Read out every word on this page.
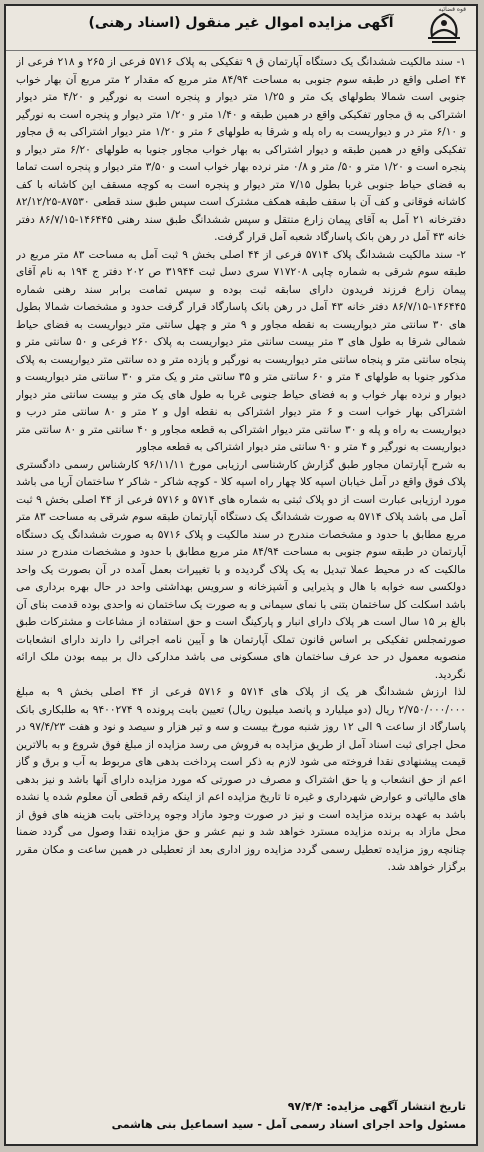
قوه قضائیه
آگهی مزایده اموال غیر منقول (اسناد رهنی)

۱- سند مالکیت ششدانگ یک دستگاه آپارتمان ق ۹ تفکیکی به پلاک ۵۷۱۶ فرعی از ۲۶۵ و ۲۱۸ فرعی از ۴۴ اصلی واقع در طبقه سوم جنوبی به مساحت ۸۴/۹۴ متر مربع که مقدار ۲ متر مربع آن بهار خواب جنوبی است شمالا بطولهای یک متر و ۱/۲۵ متر دیوار و پنجره است به نورگیر و ۴/۲۰ متر دیوار اشتراکی به ق مجاور تفکیکی واقع در همین طبقه و ۱/۴۰ متر و ۱/۲۰ متر دیوار و پنجره است به نورگیر و ۶/۱۰ متر در و دیواریست به راه پله و شرقا به طولهای ۶ متر و ۱/۲۰ متر دیوار اشتراکی به ق مجاور تفکیکی واقع در همین طبقه و دیوار اشتراکی به بهار خواب مجاور جنوبا به طولهای ۶/۲۰ متر دیوار و پنجره است و ۱/۲۰ متر و ۵۰/ متر و ۰/۸ متر نرده بهار خواب است و ۳/۵۰ متر دیوار و پنجره است تماما به فضای حیاط جنوبی غربا بطول ۷/۱۵ متر دیوار و پنجره است به کوچه مسقف این کاشانه با کف کاشانه فوقانی و کف آن با سقف طبقه همکف مشترک است سپس طبق سند قطعی ۸۷۵۳۰-۸۲/۱۲/۲۵ دفترخانه ۲۱ آمل به آقای پیمان زارع منتقل و سپس ششدانگ طبق سند رهنی ۱۴۶۴۴۵-۸۶/۷/۱۵ دفتر خانه ۴۳ آمل در رهن بانک پاسارگاد شعبه آمل قرار گرفت.

۲- سند مالکیت ششدانگ پلاک ۵۷۱۴ فرعی از ۴۴ اصلی بخش ۹ ثبت آمل به مساحت ۸۳ متر مربع در طبقه سوم شرقی به شماره چاپی ۷۱۷۲۰۸ سری دسل ثبت ۳۱۹۴۴ ص ۲۰۲ دفتر ج ۱۹۴ به نام آقای پیمان زارع فرزند فریدون دارای سابقه ثبت بوده و سپس تمامت برابر سند رهنی شماره ۱۴۶۴۴۵-۸۶/۷/۱۵ دفتر خانه ۴۳ آمل در رهن بانک پاسارگاد قرار گرفت حدود و مشخصات شمالا بطول های ۳۰ سانتی متر دیواریست به نقطه مجاور و ۹ متر و چهل سانتی متر دیواریست به فضای حیاط شمالی شرقا به طول های ۳ متر بیست سانتی متر دیواریست به پلاک ۲۶۰ فرعی و ۵۰ سانتی متر و پنجاه سانتی متر و پنجاه سانتی متر دیواریست به نورگیر و یازده متر و ده سانتی متر دیواریست به پلاک مذکور جنوبا به طولهای ۴ متر و ۶۰ سانتی متر و ۳۵ سانتی متر و یک متر و ۳۰ سانتی متر دیواریست و دیوار و نرده بهار خواب و به فضای حیاط جنوبی غربا به طول های یک متر و بیست سانتی متر دیوار اشتراکی بهار خواب است و ۶ متر دیوار اشتراکی به نقطه اول و ۲ متر و ۸۰ سانتی متر درب و دیواریست به راه و پله و ۳۰ سانتی متر دیوار اشتراکی به قطعه مجاور و ۴۰ سانتی متر و ۸۰ سانتی متر دیواریست به نورگیر و ۴ متر و ۹۰ سانتی متر دیوار اشتراکی به قطعه مجاور

به شرح آپارتمان مجاور طبق گزارش کارشناسی ارزیابی مورخ ۹۶/۱۱/۱۱ کارشناس رسمی دادگستری پلاک فوق واقع در آمل خیابان اسپه کلا چهار راه اسپه کلا - کوچه شاکر - شاکر ۲ ساختمان آریا می باشد مورد ارزیابی عبارت است از دو پلاک ثبتی به شماره های ۵۷۱۴ و ۵۷۱۶ فرعی از ۴۴ اصلی بخش ۹ ثبت آمل می باشد پلاک ۵۷۱۴ به صورت ششدانگ یک دستگاه آپارتمان طبقه سوم شرقی به مساحت ۸۳ متر مربع مطابق با حدود و مشخصات مندرج در سند مالکیت و پلاک ۵۷۱۶ به صورت ششدانگ یک دستگاه آپارتمان در طبقه سوم جنوبی به مساحت ۸۴/۹۴ متر مربع مطابق با حدود و مشخصات مندرج در سند مالکیت که در محیط عملا تبدیل به یک پلاک گردیده و با تغییرات بعمل آمده در آن بصورت یک واحد دولکسی سه خوابه با هال و پذیرایی و آشپزخانه و سرویس بهداشتی واحد در حال بهره برداری می باشد اسکلت کل ساختمان بتنی با نمای سیمانی و به صورت یک ساختمان نه واحدی بوده قدمت بنای آن بالغ بر ۱۵ سال است هر پلاک دارای انبار و پارکینگ است و حق استفاده از مشاعات و مشترکات طبق صورتمجلس تفکیکی بر اساس قانون تملک آپارتمان ها و آیین نامه اجرائی را دارند دارای انشعابات منصوبه معمول در حد عرف ساختمان های مسکونی می باشد مدارکی دال بر بیمه بودن ملک ارائه نگردید.

لذا ارزش ششدانگ هر یک از پلاک های ۵۷۱۴ و ۵۷۱۶ فرعی از ۴۴ اصلی بخش ۹ به مبلغ ۲/۷۵۰/۰۰۰/۰۰۰ ریال (دو میلیارد و پانصد میلیون ریال) تعیین بابت پرونده ۹ ۹۴۰۰۲۷۴ به طلبکاری بانک پاسارگاد از ساعت ۹ الی ۱۲ روز شنبه مورخ بیست و سه و تیر هزار و سیصد و نود و هفت ۹۷/۴/۲۳ در محل اجرای ثبت اسناد آمل از طریق مزایده به فروش می رسد مزایده از مبلغ فوق شروع و به بالاترین قیمت پیشنهادی نقدا فروخته می شود لازم به ذکر است پرداخت بدهی های مربوط به آب و برق و گاز اعم از حق انشعاب و یا حق اشتراک و مصرف در صورتی که مورد مزایده دارای آنها باشد و نیز بدهی های مالیاتی و عوارض شهرداری و غیره تا تاریخ مزایده اعم از اینکه رقم قطعی آن معلوم شده یا نشده باشد به عهده برنده مزایده است و نیز در صورت وجود مازاد وجوه پرداختی بابت هزینه های فوق از محل مازاد به برنده مزایده مسترد خواهد شد و نیم عشر و حق مزایده نقدا وصول می گردد ضمنا چنانچه روز مزایده تعطیل رسمی گردد مزایده روز اداری بعد از تعطیلی در همین ساعت و مکان مقرر برگزار خواهد شد.

تاریخ انتشار آگهی مزایده: ۹۷/۴/۴
مسئول واحد اجرای اسناد رسمی آمل - سید اسماعیل بنی هاشمی
